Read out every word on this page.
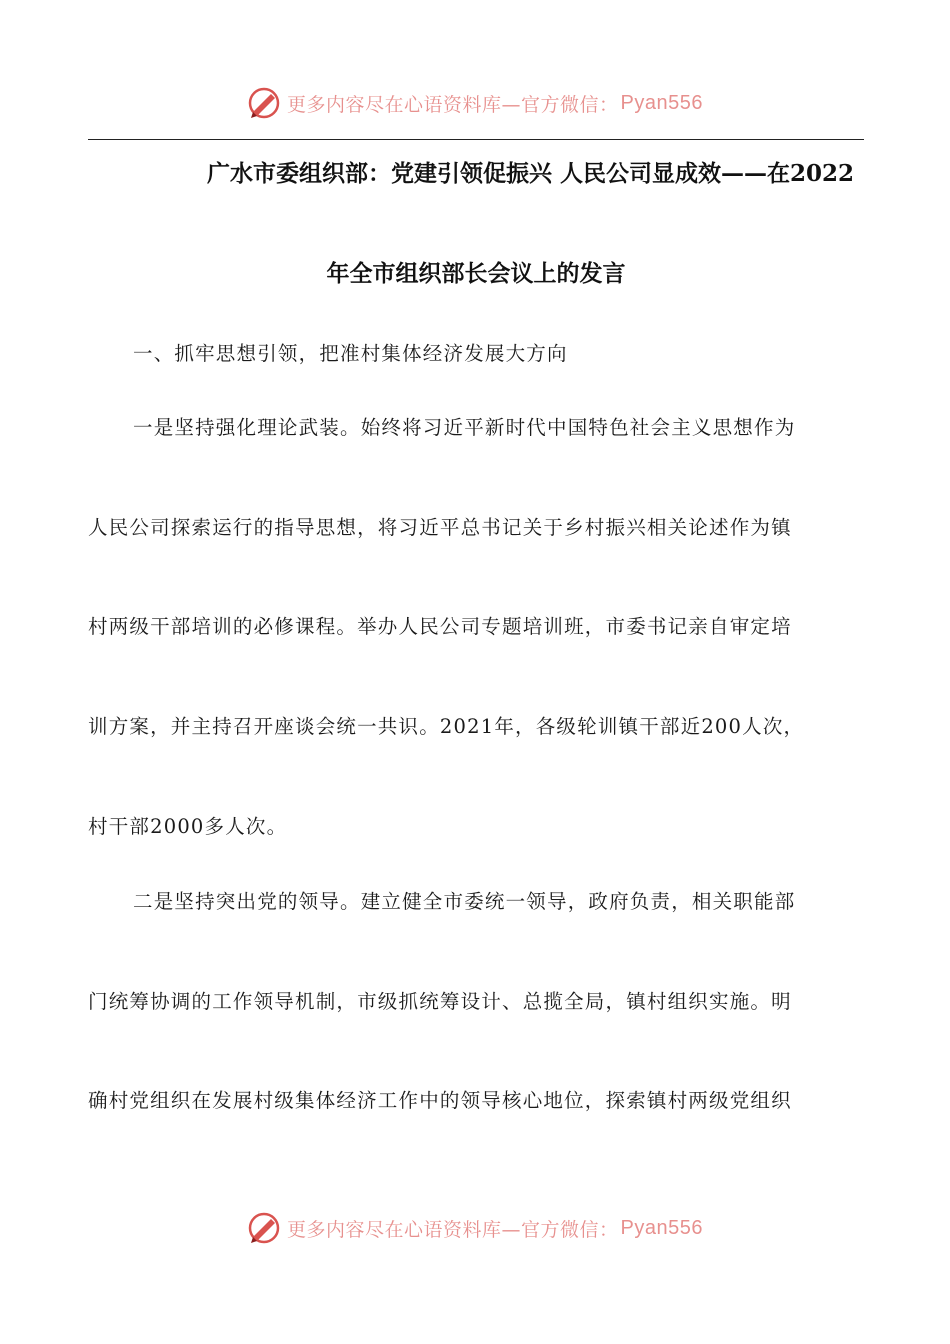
更多内容尽在心语资料库—官方微信： Pyan556
广水市委组织部：党建引领促振兴 人民公司显成效——在2022
年全市组织部长会议上的发言
一、抓牢思想引领，把准村集体经济发展大方向
一是坚持强化理论武装。始终将习近平新时代中国特色社会主义思想作为
人民公司探索运行的指导思想，将习近平总书记关于乡村振兴相关论述作为镇
村两级干部培训的必修课程。举办人民公司专题培训班，市委书记亲自审定培
训方案，并主持召开座谈会统一共识。2021年，各级轮训镇干部近200人次，
村干部2000多人次。
二是坚持突出党的领导。建立健全市委统一领导，政府负责，相关职能部
门统筹协调的工作领导机制，市级抓统筹设计、总揽全局，镇村组织实施。明
确村党组织在发展村级集体经济工作中的领导核心地位，探索镇村两级党组织
更多内容尽在心语资料库—官方微信： Pyan556
